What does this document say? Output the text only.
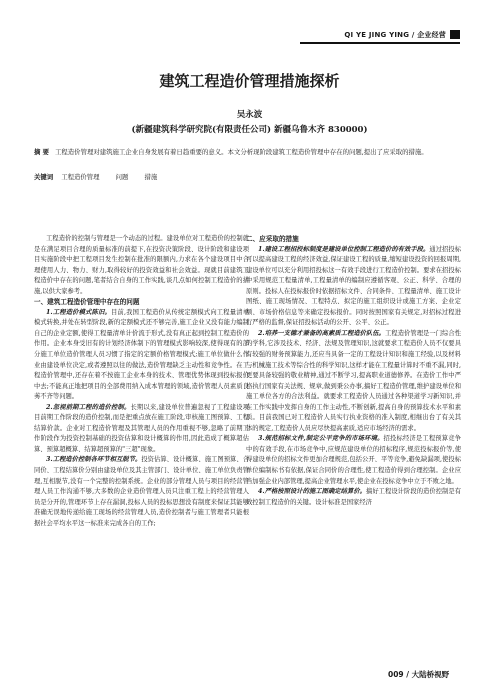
QI YE JING YING / 企业经营
建筑工程造价管理措施探析
吴永波
(新疆建筑科学研究院(有限责任公司) 新疆乌鲁木齐 830000)
摘 要 工程造价管理对建筑施工企业自身发展有着日趋重要的意义。本文分析现阶段建筑工程造价管理中存在的问题,提出了应采取的措施。
关键词 工程造价管理	问题	措施

工程造价的控制与管理是一个动态的过程。建设单位对工程造价的控制就是在满足项目合理的质量标准的前提下,在投资决策阶段、设计阶段和建设项目实施阶段中把工程项目发生控制在批准的限额内,力求在各个建设项目中合理使用人力、物力、财力,取得较好的投资效益和社会效益。现就目前建筑工程造价中存在的问题,笔者结合自身的工作实践,谈几点如何控制工程造价的措施,以供大家参考。

一、建筑工程造价管理中存在的问题

1.工程造价模式陈旧。目前,我国工程造价从传统定额模式向工程量清单模式转换,并处在转型阶段,新的定额模式还不够完善,施工企业又没有能力编制自己的企业定额,使得工程量清单计价流于形式,没有真正起到控制工程造价的作用。企业本身受旧有的计划经济体制下的管理模式影响较深,使得现有的部分施工单位造价管理人员习惯了指定的定额价格管理模式;施工单位做什么作业由建设单位决定,或者遵照以往的做法,造价管理缺乏主动性和竞争性。在工程造价管理中,还存在着不按施工企业本身的技术、管理优势体现到投标报价中去;不能真正地把项目的全部费用纳入成本管理的领域,造价管理人员素质良莠不齐等问题。

2.忽视前期工程的造价控制。长期以来,建设单位普遍忽视了工程建设项目前期工作阶段的造价控制,而是把重点放在施工阶段,审核施工图预算、工程结算价款。企业对工程造价管理及其管理人员的作用重视不够,忽略了前期工作阶段作为投资控制基础的投资估算和设计概算的作用,因此造成了概算超估算、预算超概算、结算超预算的"三超"现象。

3.工程造价控制各环节相互脱节。投资估算、设计概算、施工图预算、合同价、工程结算价分别由建设单位及其主管部门、设计单位、施工单位负责管理,互相脱节,没有一个完整的控制系统。企业的部分管理人员与项目的经营管理人员工作沟通不够,大多数的企业造价管理人员只注重工程上的经营管理人员是分开的,管理环节上存在漏洞,投标人员的投标思想没有制度来保证其能够准确无误地传递给施工现场的经营管理人员,造价控制者与施工管理者只能根据社会平均水平这一标准来完成各自的工作;

二、应采取的措施

1.建设工程招投标制度是建设单位控制工程造价的有效手段。通过招投标可以提高建设工程的经济效益,保证建设工程的质量,缩短建设投资的回报周期,建设单位可以充分利用招投标这一有效手段进行工程造价控制。要求在招投标中采用规范工程量清单,工程量清单的编制应遵循客观、公正、科学、合理的原则。投标人在投标报价时依据招标文件、合同条件、工程量清单、施工设计图纸、施工现场情况、工程特点、拟定的施工组织设计或施工方案、企业定额、市场价格信息等来确定投标报价。同时按照国家有关规定,对招标过程进行严格的监督,保证招投标活动的公开、公平、公正。

2.培养一支德才兼备的高素质工程造价队伍。工程造价管理是一门综合性的学科,它涉及技术、经济、法规及管理知识,这就要求工程造价人员不仅要具有较强的财务预算能力,还应当具备一定的工程设计知识和施工经验,以及材料与机械施工技术等综合性的科学知识,这样才能在工程量计算时不重不漏,同时,更要具备较强的敬业精神,通过不断学习,提高职业道德修养。在造价工作中严格执行国家有关法规、规章,做到秉公办事,搞好工程造价管理,维护建设单位和施工单位各方的合法利益。就要求工程造价人员通过各种渠道学习新知识,并在工作实践中发挥自身的工作主动性,不断创新,提高自身的预算技术水平和素质。目前我国已对工程造价人员实行执业资格的准入制度,相继出台了有关其体的规定,工程造价人员应尽快提高素质,适应市场经济的需求。

3.规范招标文件,制定公平竞争的市场环境。招投标经济是工程预算竞争中的有效手段,在市场竞争中,应规范建设单位的招标程序,规范投标报价等,使得建设单位的招标文件更加合理规范,包括公开、平等竞争,避免缺漏项,使投标单位编制标书有依据,保证合同价的合理性,使工程造价得到合理控制。企业应当加强企业内部管理,提高企业管理水平,使企业在投标竞争中立于不败之地。

4.严格按照设计的施工图确定结算价。搞好工程设计阶段的造价控制是有效控制工程造价的关键。设计标准是国家经济

009 / 大陆桥视野
